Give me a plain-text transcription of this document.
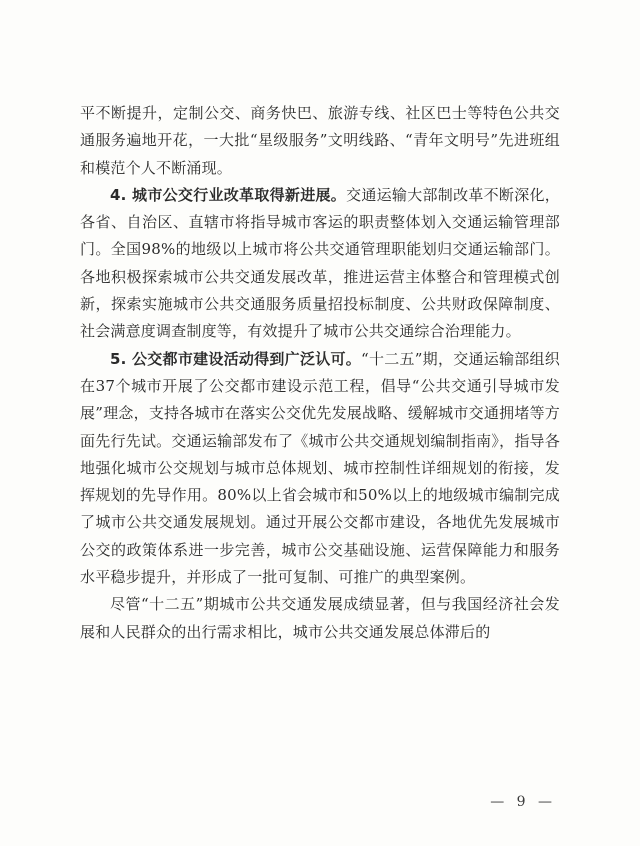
平不断提升，定制公交、商务快巴、旅游专线、社区巴士等特色公共交通服务遍地开花，一大批“星级服务”文明线路、“青年文明号”先进班组和模范个人不断涌现。

4. 城市公交行业改革取得新进展。交通运输大部制改革不断深化，各省、自治区、直辖市将指导城市客运的职责整体划入交通运输管理部门。全国98%的地级以上城市将公共交通管理职能划归交通运输部门。各地积极探索城市公共交通发展改革，推进运营主体整合和管理模式创新，探索实施城市公共交通服务质量招投标制度、公共财政保障制度、社会满意度调查制度等，有效提升了城市公共交通综合治理能力。

5. 公交都市建设活动得到广泛认可。“十二五”期，交通运输部组织在37个城市开展了公交都市建设示范工程，倡导“公共交通引导城市发展”理念，支持各城市在落实公交优先发展战略、缓解城市交通拥堵等方面先行先试。交通运输部发布了《城市公共交通规划编制指南》，指导各地强化城市公交规划与城市总体规划、城市控制性详细规划的衔接，发挥规划的先导作用。80%以上省会城市和50%以上的地级城市编制完成了城市公共交通发展规划。通过开展公交都市建设，各地优先发展城市公交的政策体系进一步完善，城市公交基础设施、运营保障能力和服务水平稳步提升，并形成了一批可复制、可推广的典型案例。

尽管“十二五”期城市公共交通发展成绩显著，但与我国经济社会发展和人民群众的出行需求相比，城市公共交通发展总体滞后的

— 9 —
